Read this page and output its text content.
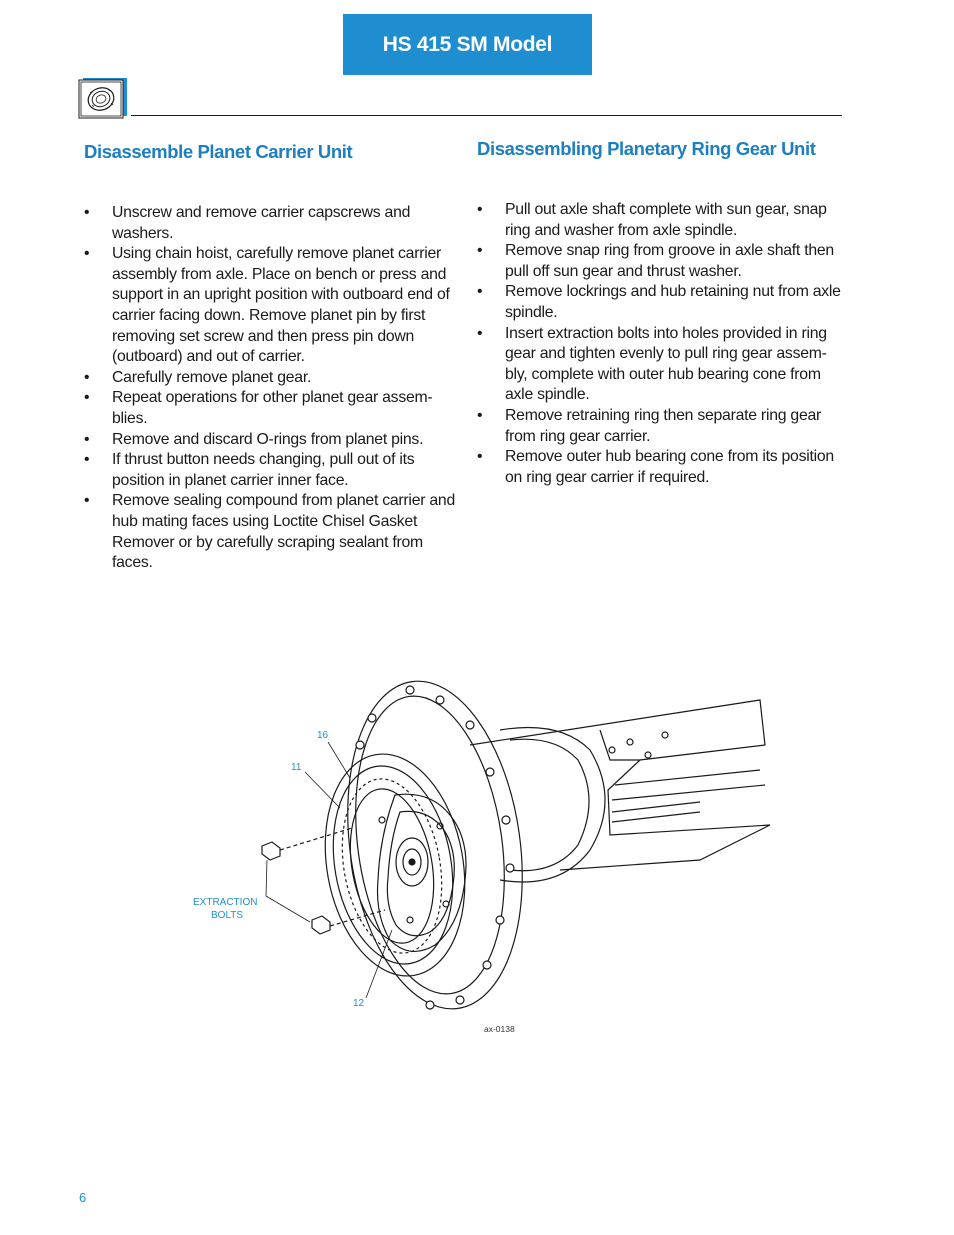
HS 415 SM Model
Disassemble Planet Carrier Unit
•	Unscrew and remove carrier capscrews and washers.
•	Using chain hoist, carefully remove planet carrier assembly from axle. Place on bench or press and support in an upright position with outboard end of carrier facing down. Remove planet pin by first removing set screw and then press pin down (outboard) and out of carrier.
•	Carefully remove planet gear.
•	Repeat operations for other planet gear assem-blies.
•	Remove and discard O-rings from planet pins.
•	If thrust button needs changing, pull out of its position in planet carrier inner face.
•	Remove sealing compound from planet carrier and hub mating faces using Loctite Chisel Gasket Remover or by carefully scraping sealant from faces.
Disassembling Planetary Ring Gear Unit
•	Pull out axle shaft complete with sun gear, snap ring and washer from axle spindle.
•	Remove snap ring from groove in axle shaft then pull off sun gear and thrust washer.
•	Remove lockrings and hub retaining nut from axle spindle.
•	Insert extraction bolts into holes provided in ring gear and tighten evenly to pull ring gear assem-bly, complete with outer hub bearing cone from axle spindle.
•	Remove retraining ring then separate ring gear from ring gear carrier.
•	Remove outer hub bearing cone from its position on ring gear carrier if required.
16
11
12
EXTRACTION
BOLTS
ax-0138
6
